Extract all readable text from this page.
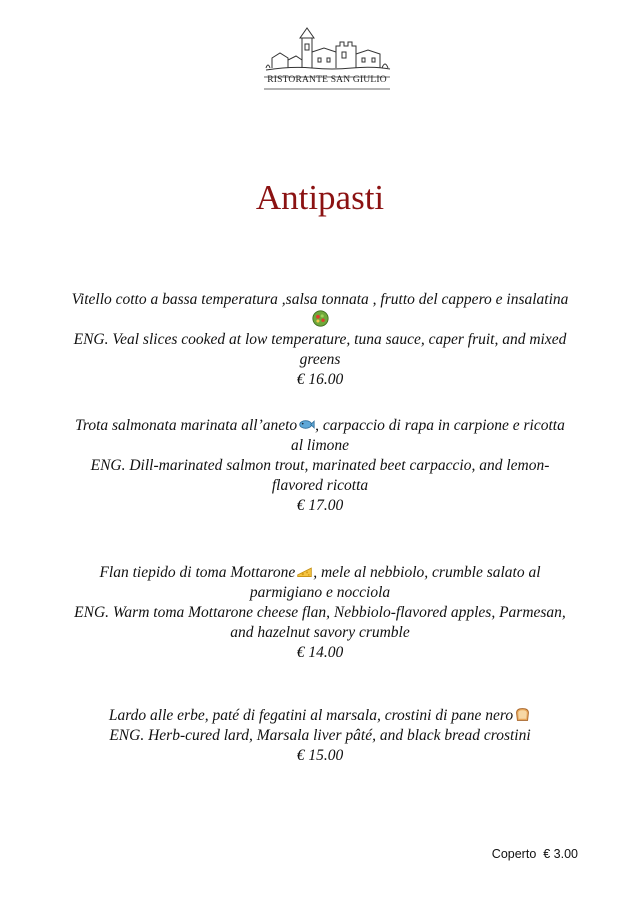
RISTORANTE SAN GIULIO
Antipasti

Vitello cotto a bassa temperatura ,salsa tonnata , frutto del cappero e insalatina

ENG. Veal slices cooked at low temperature, tuna sauce, caper fruit, and mixed greens

€ 16.00

Trota salmonata marinata all’aneto , carpaccio di rapa in carpione e ricotta al limone

ENG. Dill-marinated salmon trout, marinated beet carpaccio, and lemon-flavored ricotta

€ 17.00

Flan tiepido di toma Mottarone , mele al nebbiolo, crumble salato al parmigiano e nocciola

ENG. Warm toma Mottarone cheese flan, Nebbiolo-flavored apples, Parmesan, and hazelnut savory crumble

€ 14.00

Lardo alle erbe, paté di fegatini al marsala, crostini di pane nero

ENG. Herb-cured lard, Marsala liver pâté, and black bread crostini

€ 15.00

Coperto € 3.00
